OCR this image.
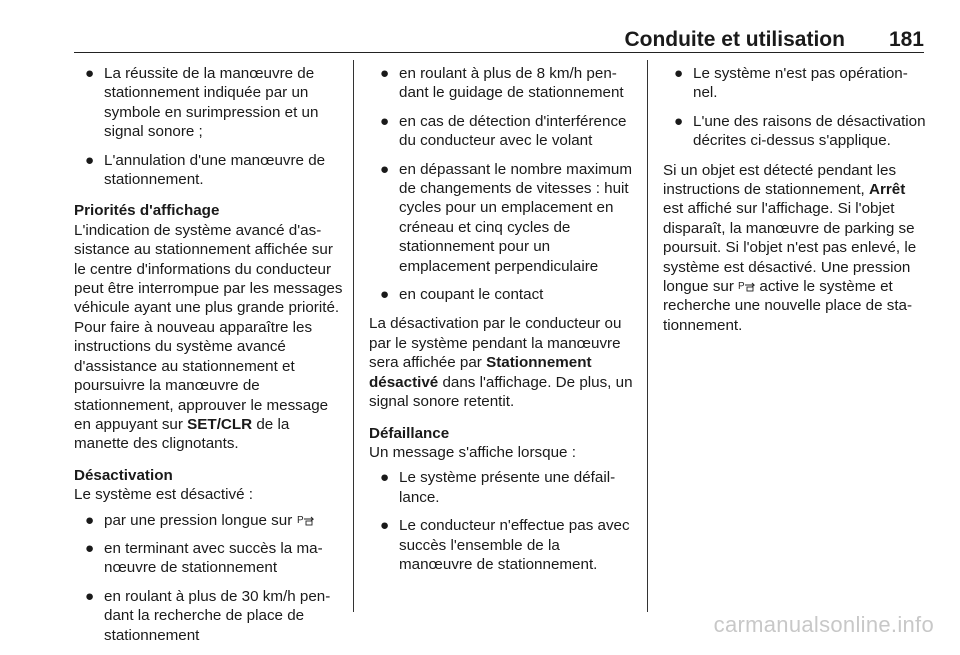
Conduite et utilisation 181
● La réussite de la manœuvre de stationnement indiquée par un symbole en surimpression et un signal sonore ;
● L'annulation d'une manœuvre de stationnement.
Priorités d'affichage

L'indication de système avancé d'assistance au stationnement affichée sur le centre d'informations du conducteur peut être interrompue par les messages véhicule ayant une plus grande priorité. Pour faire à nouveau apparaître les instructions du système avancé d'assistance au stationnement et poursuivre la manœuvre de stationnement, approuver le message en appuyant sur SET/CLR de la manette des clignotants.

Désactivation

Le système est désactivé :

● par une pression longue sur P
● en terminant avec succès la manœuvre de stationnement
● en roulant à plus de 30 km/h pendant la recherche de place de stationnement
● en roulant à plus de 8 km/h pendant le guidage de stationnement
● en cas de détection d'interférence du conducteur avec le volant
● en dépassant le nombre maximum de changements de vitesses : huit cycles pour un emplacement en créneau et cinq cycles de stationnement pour un emplacement perpendiculaire
● en coupant le contact

La désactivation par le conducteur ou par le système pendant la manœuvre sera affichée par Stationnement désactivé dans l'affichage. De plus, un signal sonore retentit.

Défaillance

Un message s'affiche lorsque :

● Le système présente une défaillance.
● Le conducteur n'effectue pas avec succès l'ensemble de la manœuvre de stationnement.
● Le système n'est pas opérationnel.
● L'une des raisons de désactivation décrites ci-dessus s'applique.

Si un objet est détecté pendant les instructions de stationnement, Arrêt est affiché sur l'affichage. Si l'objet disparaît, la manœuvre de parking se poursuit. Si l'objet n'est pas enlevé, le système est désactivé. Une pression longue sur P active le système et recherche une nouvelle place de stationnement.

carmanualsonline.info
